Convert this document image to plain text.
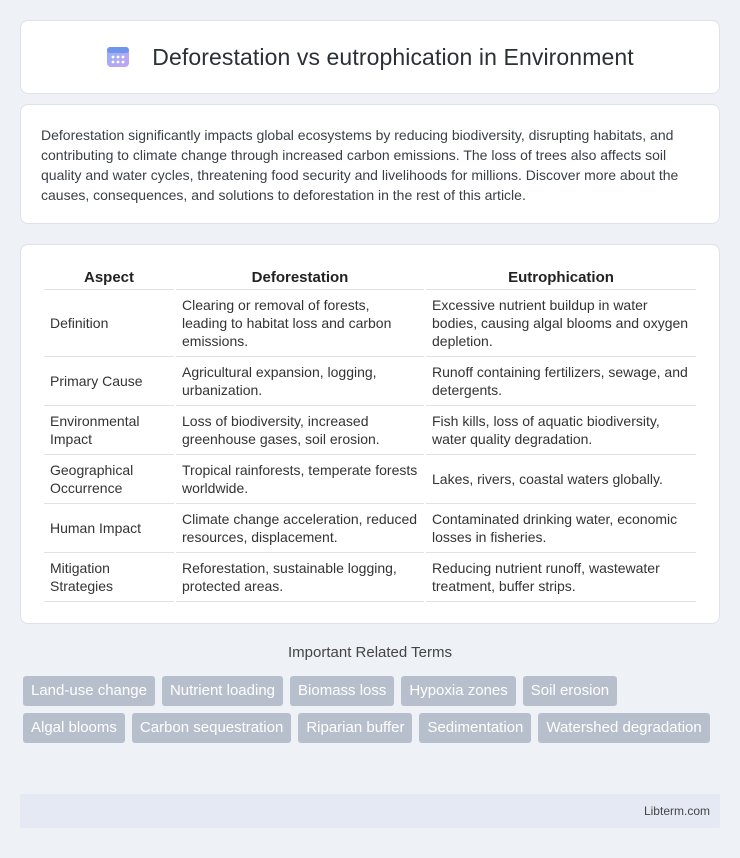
Deforestation vs eutrophication in Environment

Deforestation significantly impacts global ecosystems by reducing biodiversity, disrupting habitats, and contributing to climate change through increased carbon emissions. The loss of trees also affects soil quality and water cycles, threatening food security and livelihoods for millions. Discover more about the causes, consequences, and solutions to deforestation in the rest of this article.

Aspect	Deforestation	Eutrophication
Definition	Clearing or removal of forests, leading to habitat loss and carbon emissions.	Excessive nutrient buildup in water bodies, causing algal blooms and oxygen depletion.
Primary Cause	Agricultural expansion, logging, urbanization.	Runoff containing fertilizers, sewage, and detergents.
Environmental Impact	Loss of biodiversity, increased greenhouse gases, soil erosion.	Fish kills, loss of aquatic biodiversity, water quality degradation.
Geographical Occurrence	Tropical rainforests, temperate forests worldwide.	Lakes, rivers, coastal waters globally.
Human Impact	Climate change acceleration, reduced resources, displacement.	Contaminated drinking water, economic losses in fisheries.
Mitigation Strategies	Reforestation, sustainable logging, protected areas.	Reducing nutrient runoff, wastewater treatment, buffer strips.
Important Related Terms
Land-use change	Nutrient loading	Biomass loss	Hypoxia zones	Soil erosion
Algal blooms	Carbon sequestration	Riparian buffer	Sedimentation	Watershed degradation
Libterm.com
